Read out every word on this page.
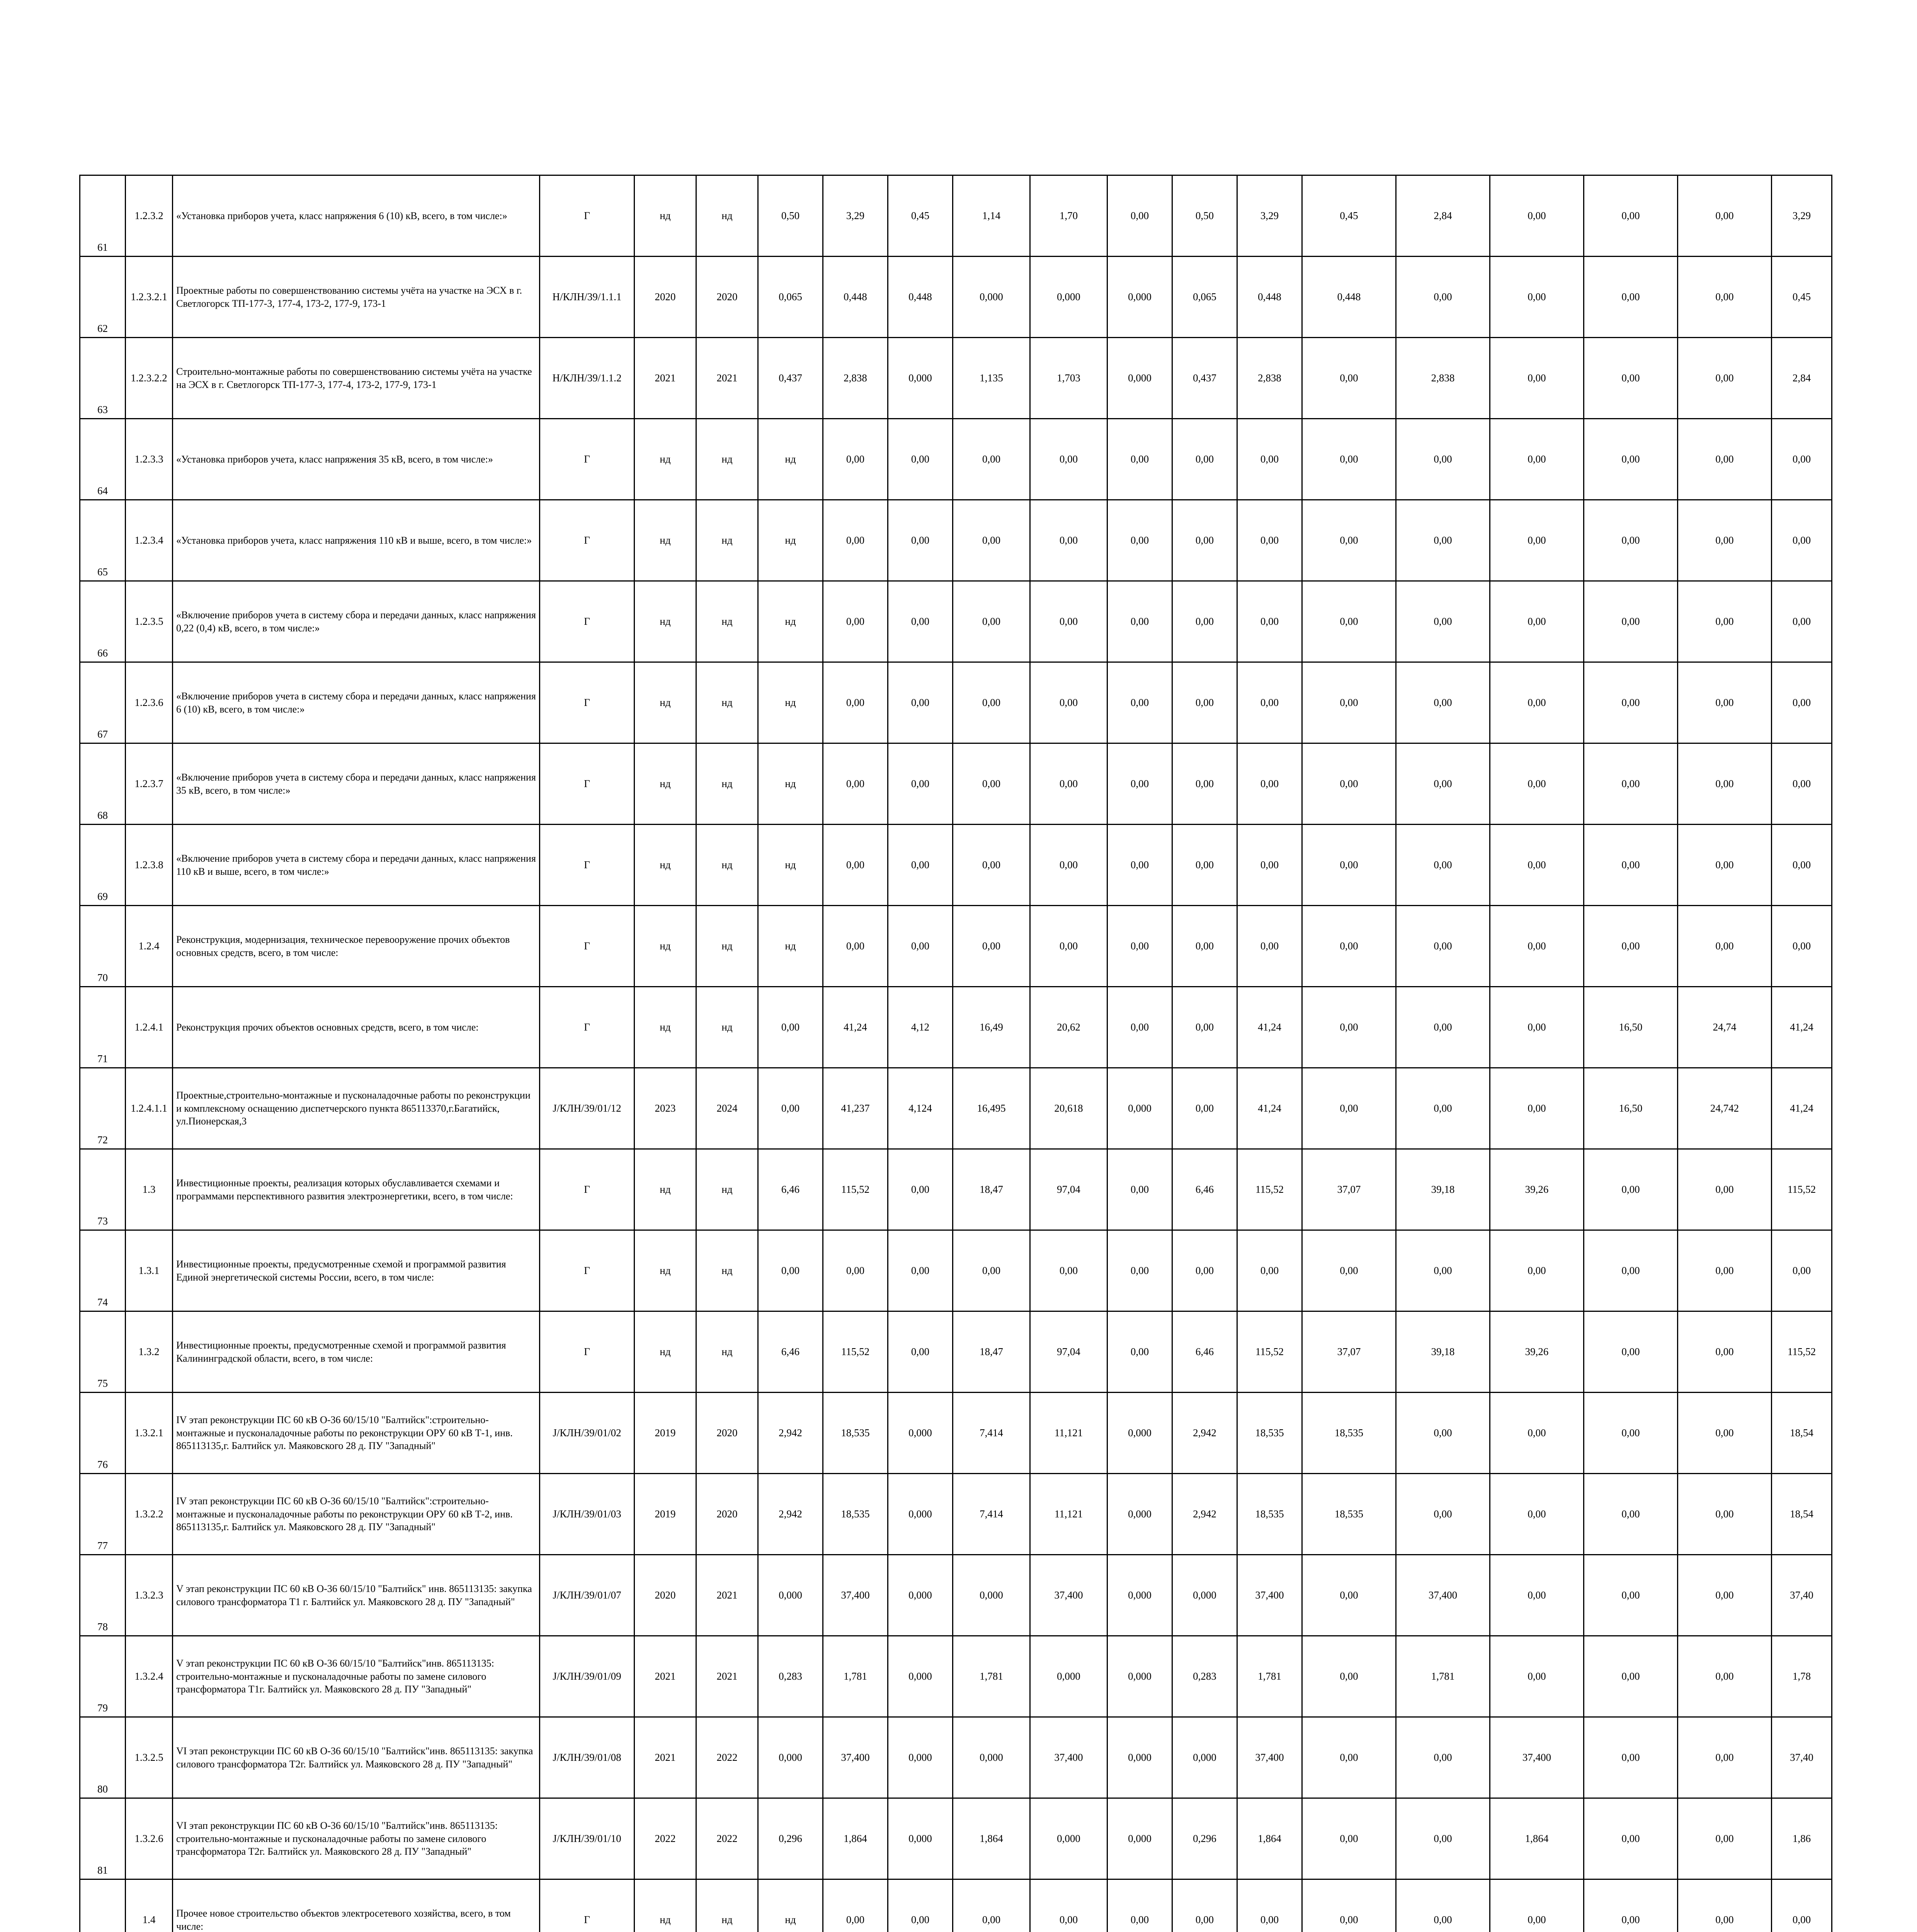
61	1.2.3.2	«Установка приборов учета, класс напряжения 6 (10) кВ, всего, в том числе:»	Г	нд	нд	0,50	3,29	0,45	1,14	1,70	0,00	0,50	3,29	0,45	2,84	0,00	0,00	0,00	3,29
62	1.2.3.2.1	Проектные работы по совершенствованию системы учёта на участке на ЭСХ в г. Светлогорск ТП-177-3, 177-4, 173-2, 177-9, 173-1	H/КЛН/39/1.1.1	2020	2020	0,065	0,448	0,448	0,000	0,000	0,000	0,065	0,448	0,448	0,00	0,00	0,00	0,00	0,45
63	1.2.3.2.2	Строительно-монтажные работы по совершенствованию системы учёта на участке на ЭСХ в г. Светлогорск ТП-177-3, 177-4, 173-2, 177-9, 173-1	H/КЛН/39/1.1.2	2021	2021	0,437	2,838	0,000	1,135	1,703	0,000	0,437	2,838	0,00	2,838	0,00	0,00	0,00	2,84
64	1.2.3.3	«Установка приборов учета, класс напряжения 35 кВ, всего, в том числе:»	Г	нд	нд	нд	0,00	0,00	0,00	0,00	0,00	0,00	0,00	0,00	0,00	0,00	0,00	0,00	0,00
65	1.2.3.4	«Установка приборов учета, класс напряжения 110 кВ и выше, всего, в том числе:»	Г	нд	нд	нд	0,00	0,00	0,00	0,00	0,00	0,00	0,00	0,00	0,00	0,00	0,00	0,00	0,00
66	1.2.3.5	«Включение приборов учета в систему сбора и передачи данных, класс напряжения 0,22 (0,4) кВ, всего, в том числе:»	Г	нд	нд	нд	0,00	0,00	0,00	0,00	0,00	0,00	0,00	0,00	0,00	0,00	0,00	0,00	0,00
67	1.2.3.6	«Включение приборов учета в систему сбора и передачи данных, класс напряжения 6 (10) кВ, всего, в том числе:»	Г	нд	нд	нд	0,00	0,00	0,00	0,00	0,00	0,00	0,00	0,00	0,00	0,00	0,00	0,00	0,00
68	1.2.3.7	«Включение приборов учета в систему сбора и передачи данных, класс напряжения 35 кВ, всего, в том числе:»	Г	нд	нд	нд	0,00	0,00	0,00	0,00	0,00	0,00	0,00	0,00	0,00	0,00	0,00	0,00	0,00
69	1.2.3.8	«Включение приборов учета в систему сбора и передачи данных, класс напряжения 110 кВ и выше, всего, в том числе:»	Г	нд	нд	нд	0,00	0,00	0,00	0,00	0,00	0,00	0,00	0,00	0,00	0,00	0,00	0,00	0,00
70	1.2.4	Реконструкция, модернизация, техническое перевооружение прочих объектов основных средств, всего, в том числе:	Г	нд	нд	нд	0,00	0,00	0,00	0,00	0,00	0,00	0,00	0,00	0,00	0,00	0,00	0,00	0,00
71	1.2.4.1	Реконструкция прочих объектов основных средств, всего, в том числе:	Г	нд	нд	0,00	41,24	4,12	16,49	20,62	0,00	0,00	41,24	0,00	0,00	0,00	16,50	24,74	41,24
72	1.2.4.1.1	Проектные,строительно-монтажные и пусконаладочные работы по реконструкции и комплексному оснащению диспетчерского пункта 865113370,г.Багатийск, ул.Пионерская,3	J/КЛН/39/01/12	2023	2024	0,00	41,237	4,124	16,495	20,618	0,000	0,00	41,24	0,00	0,00	0,00	16,50	24,742	41,24
73	1.3	Инвестиционные проекты, реализация которых обуславливается схемами и программами перспективного развития электроэнергетики, всего, в том числе:	Г	нд	нд	6,46	115,52	0,00	18,47	97,04	0,00	6,46	115,52	37,07	39,18	39,26	0,00	0,00	115,52
74	1.3.1	Инвестиционные проекты, предусмотренные схемой и программой развития Единой энергетической системы России, всего, в том числе:	Г	нд	нд	0,00	0,00	0,00	0,00	0,00	0,00	0,00	0,00	0,00	0,00	0,00	0,00	0,00	0,00
75	1.3.2	Инвестиционные проекты, предусмотренные схемой и программой развития Калининградской области, всего, в том числе:	Г	нд	нд	6,46	115,52	0,00	18,47	97,04	0,00	6,46	115,52	37,07	39,18	39,26	0,00	0,00	115,52
76	1.3.2.1	IV этап реконструкции ПС 60 кВ О-36 60/15/10 "Балтийск":строительно-монтажные и пусконаладочные работы по реконструкции ОРУ 60 кВ Т-1, инв. 865113135,г. Балтийск ул. Маяковского 28 д. ПУ "Западный"	J/КЛН/39/01/02	2019	2020	2,942	18,535	0,000	7,414	11,121	0,000	2,942	18,535	18,535	0,00	0,00	0,00	0,00	18,54
77	1.3.2.2	IV этап реконструкции ПС 60 кВ О-36 60/15/10 "Балтийск":строительно-монтажные и пусконаладочные работы по реконструкции ОРУ 60 кВ Т-2, инв. 865113135,г. Балтийск ул. Маяковского 28 д. ПУ "Западный"	J/КЛН/39/01/03	2019	2020	2,942	18,535	0,000	7,414	11,121	0,000	2,942	18,535	18,535	0,00	0,00	0,00	0,00	18,54
78	1.3.2.3	V этап реконструкции ПС 60 кВ О-36 60/15/10 "Балтийск" инв. 865113135: закупка силового трансформатора Т1 г. Балтийск ул. Маяковского 28 д. ПУ "Западный"	J/КЛН/39/01/07	2020	2021	0,000	37,400	0,000	0,000	37,400	0,000	0,000	37,400	0,00	37,400	0,00	0,00	0,00	37,40
79	1.3.2.4	V этап реконструкции ПС 60 кВ О-36 60/15/10 "Балтийск"инв. 865113135: строительно-монтажные и пусконаладочные работы по замене силового трансформатора Т1г. Балтийск ул. Маяковского 28 д. ПУ "Западный"	J/КЛН/39/01/09	2021	2021	0,283	1,781	0,000	1,781	0,000	0,000	0,283	1,781	0,00	1,781	0,00	0,00	0,00	1,78
80	1.3.2.5	VI этап реконструкции ПС 60 кВ О-36 60/15/10 "Балтийск"инв. 865113135: закупка силового трансформатора Т2г. Балтийск ул. Маяковского 28 д. ПУ "Западный"	J/КЛН/39/01/08	2021	2022	0,000	37,400	0,000	0,000	37,400	0,000	0,000	37,400	0,00	0,00	37,400	0,00	0,00	37,40
81	1.3.2.6	VI этап реконструкции ПС 60 кВ О-36 60/15/10 "Балтийск"инв. 865113135: строительно-монтажные и пусконаладочные работы по замене силового трансформатора Т2г. Балтийск ул. Маяковского 28 д. ПУ "Западный"	J/КЛН/39/01/10	2022	2022	0,296	1,864	0,000	1,864	0,000	0,000	0,296	1,864	0,00	0,00	1,864	0,00	0,00	1,86
	1.4	Прочее новое строительство объектов электросетевого хозяйства, всего, в том числе:	Г	нд	нд	нд	0,00	0,00	0,00	0,00	0,00	0,00	0,00	0,00	0,00	0,00	0,00	0,00	0,00
